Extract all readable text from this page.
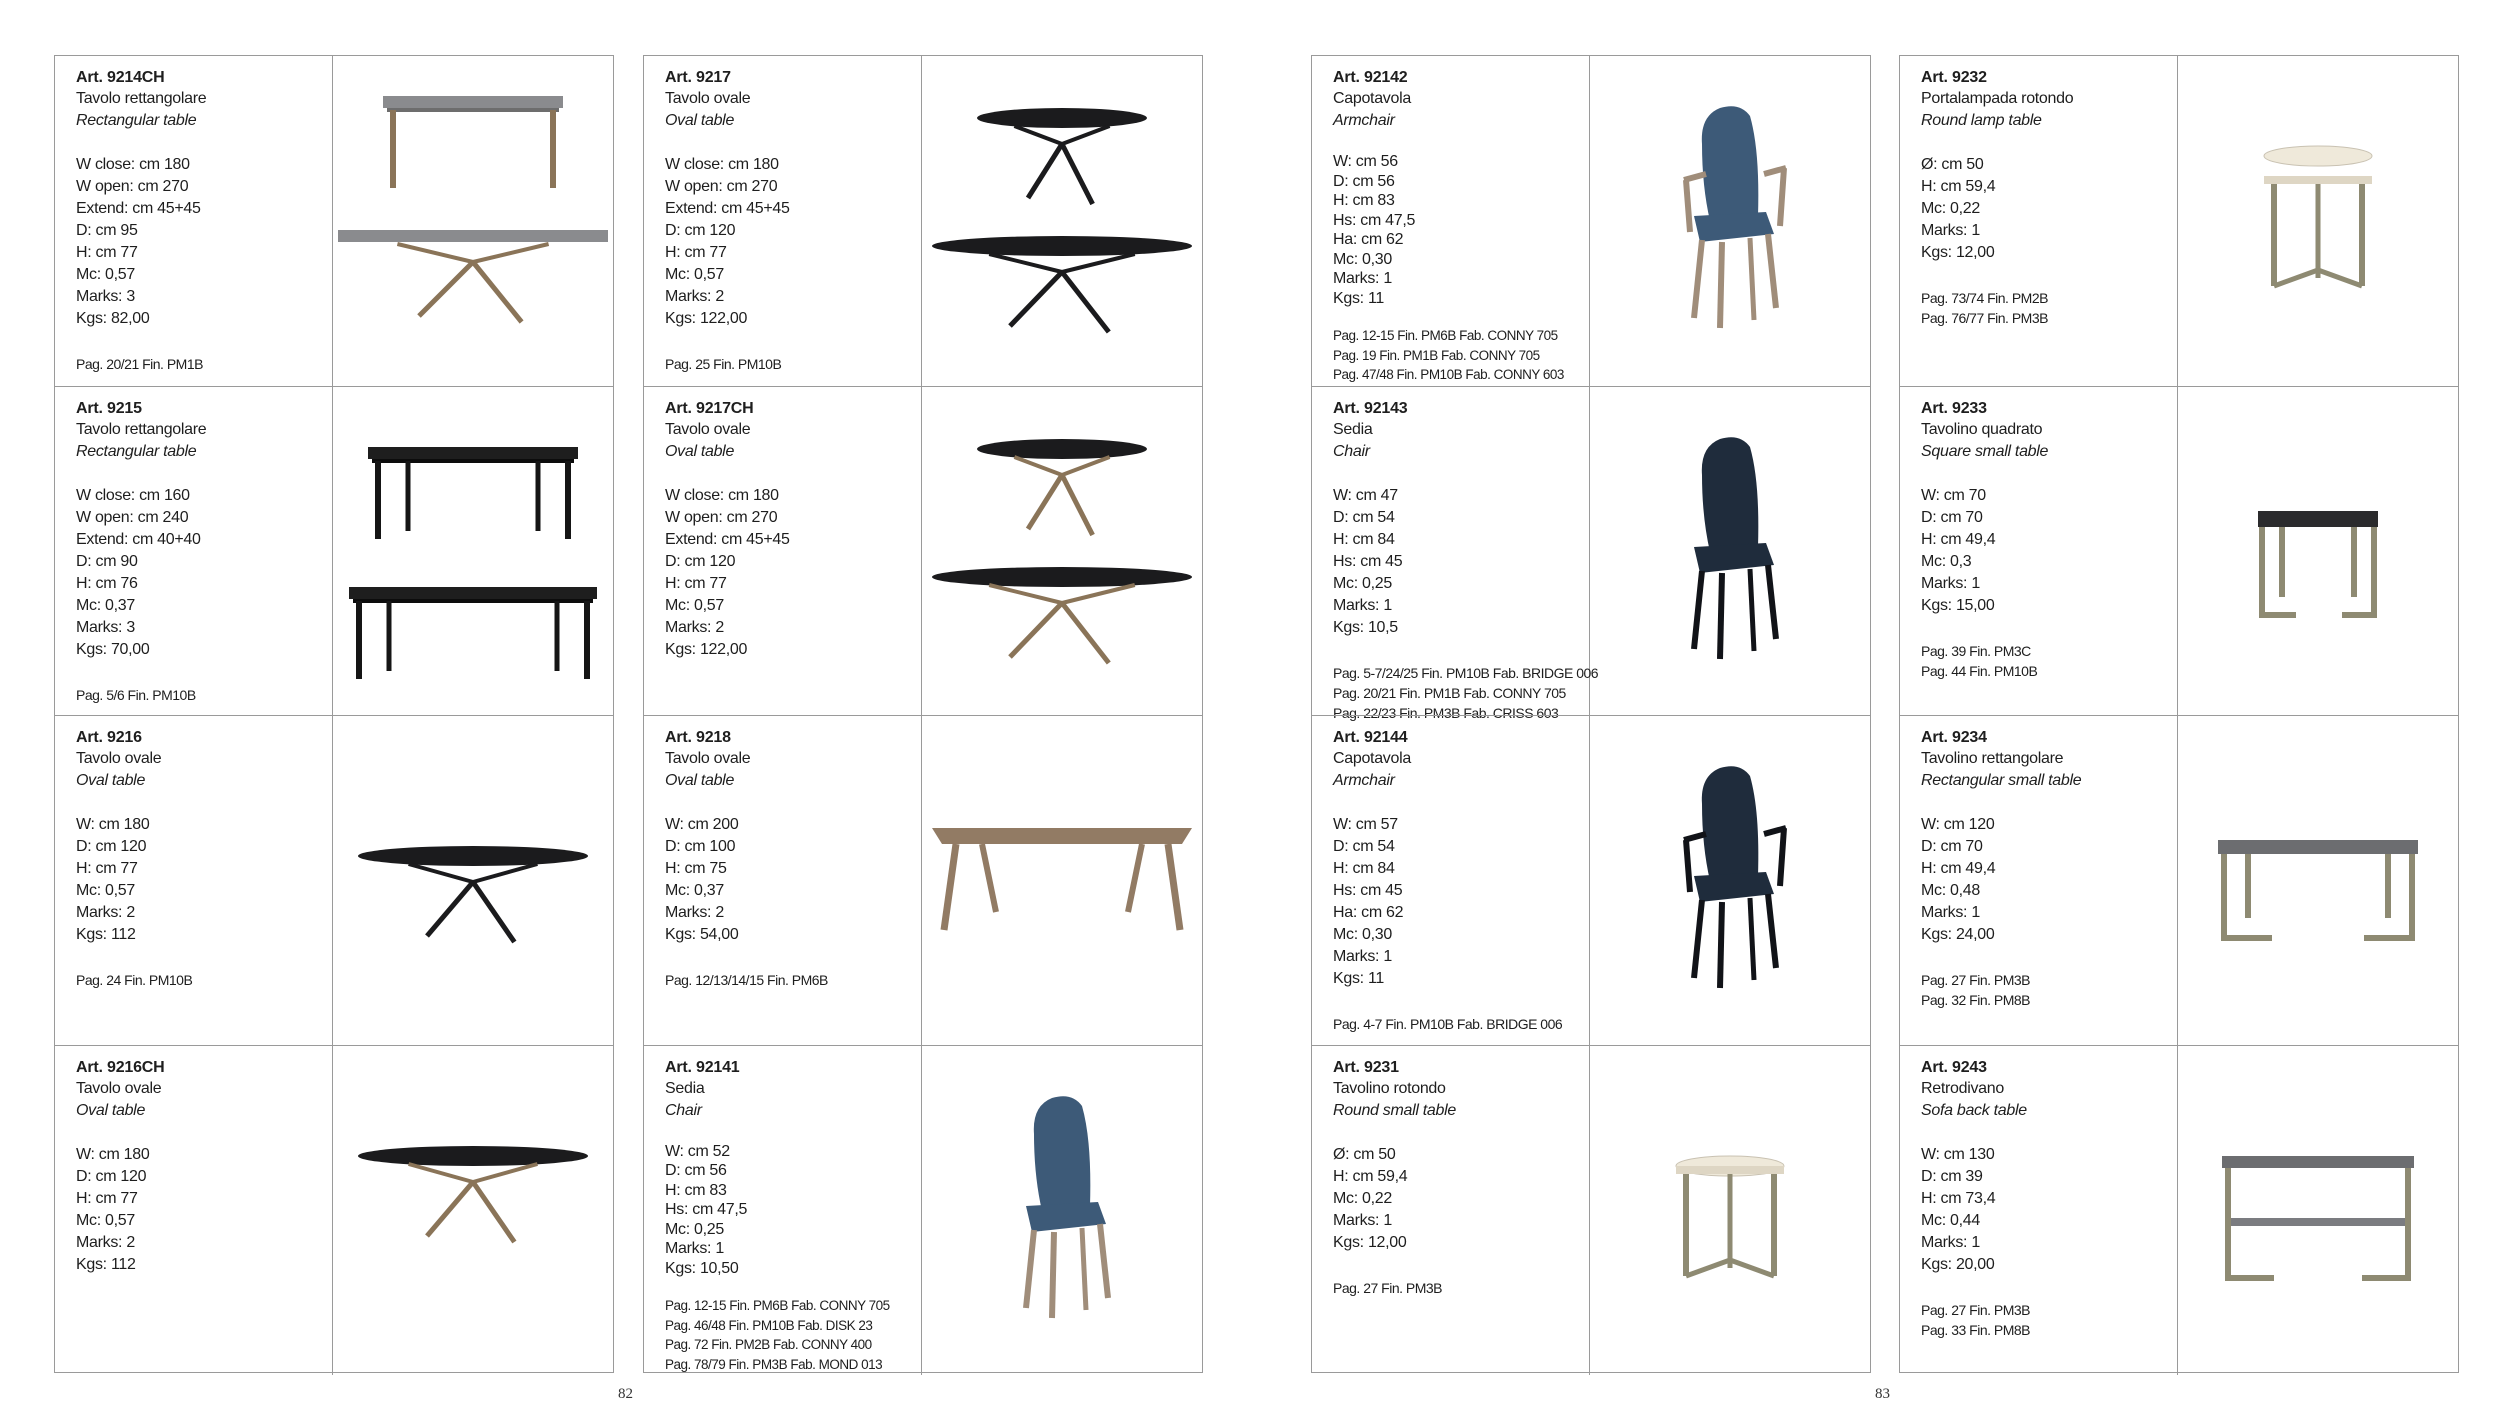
Art. 9214CH
Tavolo rettangolare
Rectangular table
W close: cm 180
W open: cm 270
Extend: cm 45+45
D: cm 95
H: cm 77
Mc: 0,57
Marks: 3
Kgs: 82,00
Pag. 20/21 Fin. PM1B
Art. 9215
Tavolo rettangolare
Rectangular table
W close: cm 160
W open: cm 240
Extend: cm 40+40
D: cm 90
H: cm 76
Mc: 0,37
Marks: 3
Kgs: 70,00
Pag. 5/6 Fin. PM10B
Art. 9216
Tavolo ovale
Oval table
W: cm 180
D: cm 120
H: cm 77
Mc: 0,57
Marks: 2
Kgs: 112
Pag. 24 Fin. PM10B
Art. 9216CH
Tavolo ovale
Oval table
W: cm 180
D: cm 120
H: cm 77
Mc: 0,57
Marks: 2
Kgs: 112
Art. 9217
Tavolo ovale
Oval table
W close: cm 180
W open: cm 270
Extend: cm 45+45
D: cm 120
H: cm 77
Mc: 0,57
Marks: 2
Kgs: 122,00
Pag. 25 Fin. PM10B
Art. 9217CH
Tavolo ovale
Oval table
W close: cm 180
W open: cm 270
Extend: cm 45+45
D: cm 120
H: cm 77
Mc: 0,57
Marks: 2
Kgs: 122,00
Art. 9218
Tavolo ovale
Oval table
W: cm 200
D: cm 100
H: cm 75
Mc: 0,37
Marks: 2
Kgs: 54,00
Pag. 12/13/14/15 Fin. PM6B
Art. 92141
Sedia
Chair
W: cm 52
D: cm 56
H: cm 83
Hs: cm 47,5
Mc: 0,25
Marks: 1
Kgs: 10,50
Pag. 12-15 Fin. PM6B Fab. CONNY 705
Pag. 46/48 Fin. PM10B Fab. DISK 23
Pag. 72 Fin. PM2B Fab. CONNY 400
Pag. 78/79 Fin. PM3B Fab. MOND 013
Art. 92142
Capotavola
Armchair
W: cm 56
D: cm 56
H: cm 83
Hs: cm 47,5
Ha: cm 62
Mc: 0,30
Marks: 1
Kgs: 11
Pag. 12-15 Fin. PM6B Fab. CONNY 705
Pag. 19 Fin. PM1B Fab. CONNY 705
Pag. 47/48 Fin. PM10B Fab. CONNY 603
Art. 92143
Sedia
Chair
W: cm 47
D: cm 54
H: cm 84
Hs: cm 45
Mc: 0,25
Marks: 1
Kgs: 10,5
Pag. 5-7/24/25 Fin. PM10B Fab. BRIDGE 006
Pag. 20/21 Fin. PM1B Fab. CONNY 705
Pag. 22/23 Fin. PM3B Fab. CRISS 603
Art. 92144
Capotavola
Armchair
W: cm 57
D: cm 54
H: cm 84
Hs: cm 45
Ha: cm 62
Mc: 0,30
Marks: 1
Kgs: 11
Pag. 4-7 Fin. PM10B Fab. BRIDGE 006
Art. 9231
Tavolino rotondo
Round small table
Ø: cm 50
H: cm 59,4
Mc: 0,22
Marks: 1
Kgs: 12,00
Pag. 27 Fin. PM3B
Art. 9232
Portalampada rotondo
Round lamp table
Ø: cm 50
H: cm 59,4
Mc: 0,22
Marks: 1
Kgs: 12,00
Pag. 73/74 Fin. PM2B
Pag. 76/77 Fin. PM3B
Art. 9233
Tavolino quadrato
Square small table
W: cm 70
D: cm 70
H: cm 49,4
Mc: 0,3
Marks: 1
Kgs: 15,00
Pag. 39 Fin. PM3C
Pag. 44 Fin. PM10B
Art. 9234
Tavolino rettangolare
Rectangular small table
W: cm 120
D: cm 70
H: cm 49,4
Mc: 0,48
Marks: 1
Kgs: 24,00
Pag. 27 Fin. PM3B
Pag. 32 Fin. PM8B
Art. 9243
Retrodivano
Sofa back table
W: cm 130
D: cm 39
H: cm 73,4
Mc: 0,44
Marks: 1
Kgs: 20,00
Pag. 27 Fin. PM3B
Pag. 33 Fin. PM8B
82	83
